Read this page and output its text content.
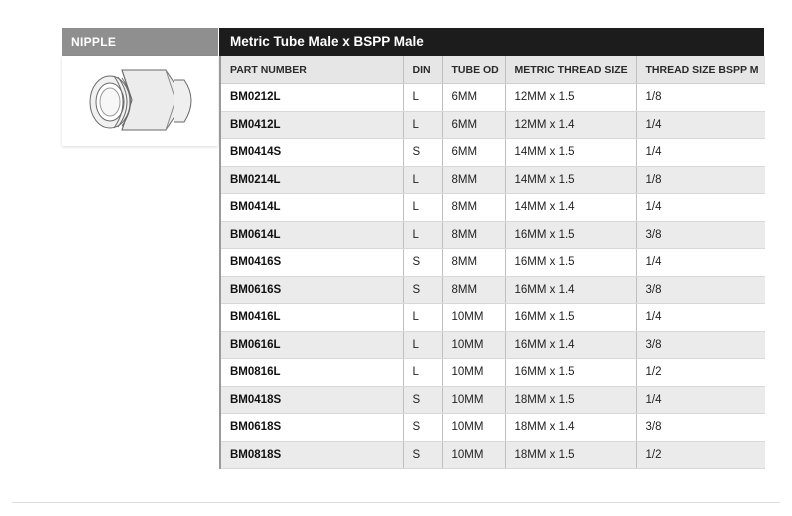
NIPPLE	Metric Tube Male x BSPP Male
PART NUMBER	DIN	TUBE OD	METRIC THREAD SIZE	THREAD SIZE BSPP M
BM0212L	L	6MM	12MM x 1.5	1/8
BM0412L	L	6MM	12MM x 1.4	1/4
BM0414S	S	6MM	14MM x 1.5	1/4
BM0214L	L	8MM	14MM x 1.5	1/8
BM0414L	L	8MM	14MM x 1.4	1/4
BM0614L	L	8MM	16MM x 1.5	3/8
BM0416S	S	8MM	16MM x 1.5	1/4
BM0616S	S	8MM	16MM x 1.4	3/8
BM0416L	L	10MM	16MM x 1.5	1/4
BM0616L	L	10MM	16MM x 1.4	3/8
BM0816L	L	10MM	16MM x 1.5	1/2
BM0418S	S	10MM	18MM x 1.5	1/4
BM0618S	S	10MM	18MM x 1.4	3/8
BM0818S	S	10MM	18MM x 1.5	1/2
